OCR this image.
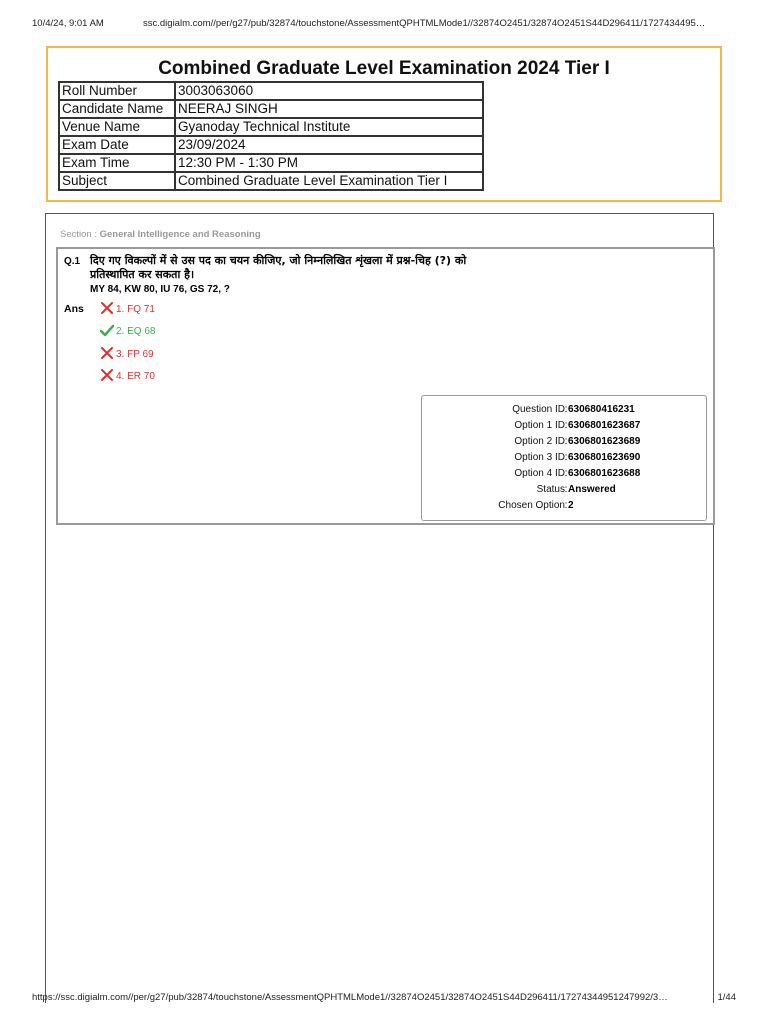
10/4/24, 9:01 AM	ssc.digialm.com//per/g27/pub/32874/touchstone/AssessmentQPHTMLMode1//32874O2451/32874O2451S44D296411/1727434495…
Combined Graduate Level Examination 2024 Tier I
Roll Number	3003063060
Candidate Name	NEERAJ SINGH
Venue Name	Gyanoday Technical Institute
Exam Date	23/09/2024
Exam Time	12:30 PM - 1:30 PM
Subject	Combined Graduate Level Examination Tier I
Section : General Intelligence and Reasoning
Q.1 दिए गए विकल्पों में से उस पद का चयन कीजिए, जो निम्नलिखित शृंखला में प्रश्न-चिह (?) को प्रतिस्थापित कर सकता है।
MY 84, KW 80, IU 76, GS 72, ?
Ans	1. FQ 71
2. EQ 68
3. FP 69
4. ER 70
Question ID : 630680416231
Option 1 ID : 6306801623687
Option 2 ID : 6306801623689
Option 3 ID : 6306801623690
Option 4 ID : 6306801623688
Status : Answered
Chosen Option : 2
https://ssc.digialm.com//per/g27/pub/32874/touchstone/AssessmentQPHTMLMode1//32874O2451/32874O2451S44D296411/17274344951247992/3…	1/44
